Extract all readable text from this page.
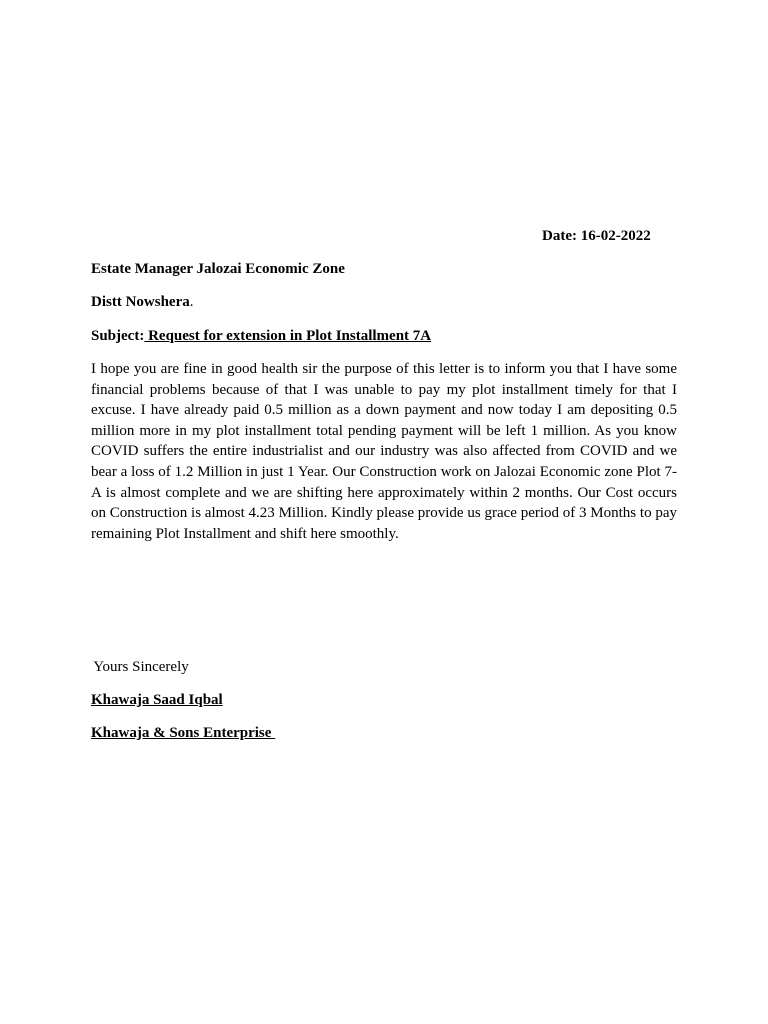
Date: 16-02-2022
Estate Manager Jalozai Economic Zone
Distt Nowshera.
Subject: Request for extension in Plot Installment 7A

I hope you are fine in good health sir the purpose of this letter is to inform you that I have some financial problems because of that I was unable to pay my plot installment timely for that I excuse. I have already paid 0.5 million as a down payment and now today I am depositing 0.5 million more in my plot installment total pending payment will be left 1 million. As you know COVID suffers the entire industrialist and our industry was also affected from COVID and we bear a loss of 1.2 Million in just 1 Year. Our Construction work on Jalozai Economic zone Plot 7-A is almost complete and we are shifting here approximately within 2 months. Our Cost occurs on Construction is almost 4.23 Million. Kindly please provide us grace period of 3 Months to pay remaining Plot Installment and shift here smoothly.

Yours Sincerely
Khawaja Saad Iqbal
Khawaja & Sons Enterprise
